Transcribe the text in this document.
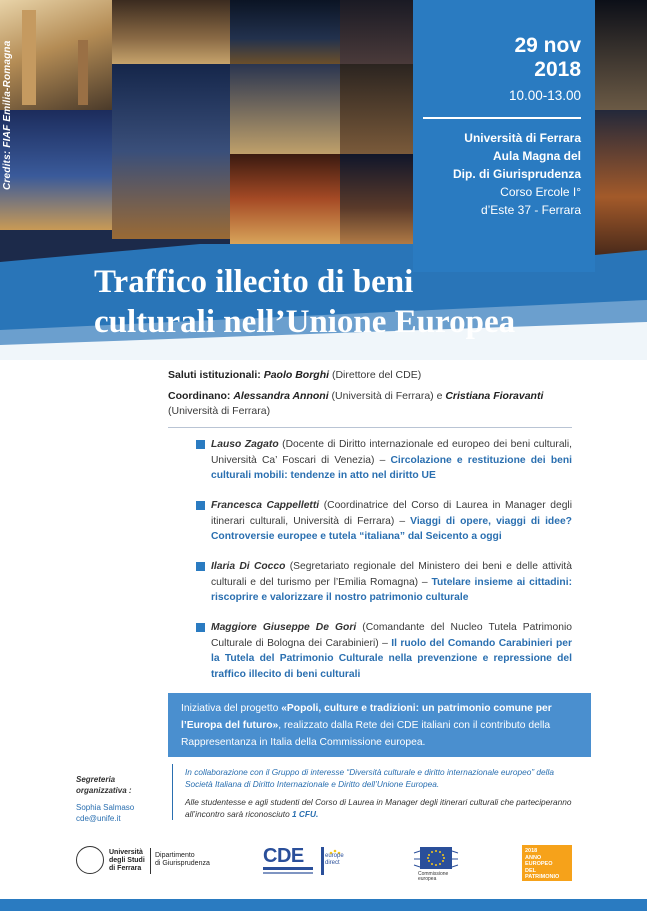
29 nov
2018
10.00-13.00
Università di Ferrara
Aula Magna del
Dip. di Giurisprudenza
Corso Ercole I°
d’Este 37 - Ferrara
Credits: FIAF Emilia-Romagna
Traffico illecito di beni
culturali nell’Unione Europea

Saluti istituzionali: Paolo Borghi (Direttore del CDE)

Coordinano: Alessandra Annoni (Università di Ferrara) e Cristiana Fioravanti (Università di Ferrara)

Lauso Zagato (Docente di Diritto internazionale ed europeo dei beni culturali, Università Ca’ Foscari di Venezia) – Circolazione e restituzione dei beni culturali mobili: tendenze in atto nel diritto UE
Francesca Cappelletti (Coordinatrice del Corso di Laurea in Manager degli itinerari culturali, Università di Ferrara) – Viaggi di opere, viaggi di idee? Controversie europee e tutela “italiana” dal Seicento a oggi
Ilaria Di Cocco (Segretariato regionale del Ministero dei beni e delle attività culturali e del turismo per l’Emilia Romagna) – Tutelare insieme ai cittadini: riscoprire e valorizzare il nostro patrimonio culturale
Maggiore Giuseppe De Gori (Comandante del Nucleo Tutela Patrimonio Culturale di Bologna dei Carabinieri) – Il ruolo del Comando Carabinieri per la Tutela del Patrimonio Culturale nella prevenzione e repressione del traffico illecito di beni culturali
Iniziativa del progetto «Popoli, culture e tradizioni: un patrimonio comune per l’Europa del futuro», realizzato dalla Rete dei CDE italiani con il contributo della Rappresentanza in Italia della Commissione europea.
Segreteria
organizzativa :
Sophia Salmaso
cde@unife.it
In collaborazione con il Gruppo di interesse “Diversità culturale e diritto internazionale europeo” della Società Italiana di Diritto Internazionale e Diritto dell’Unione Europea.
Alle studentesse e agli studenti del Corso di Laurea in Manager degli itinerari culturali che parteciperanno all’incontro sarà riconosciuto 1 CFU.
Università
degli Studi
di Ferrara
Dipartimento
di Giurisprudenza	CDE	europe direct
Commissione europea
2018
ANNO EUROPEO
DEL PATRIMONIO
CULTURALE
#EuropeForCulture
